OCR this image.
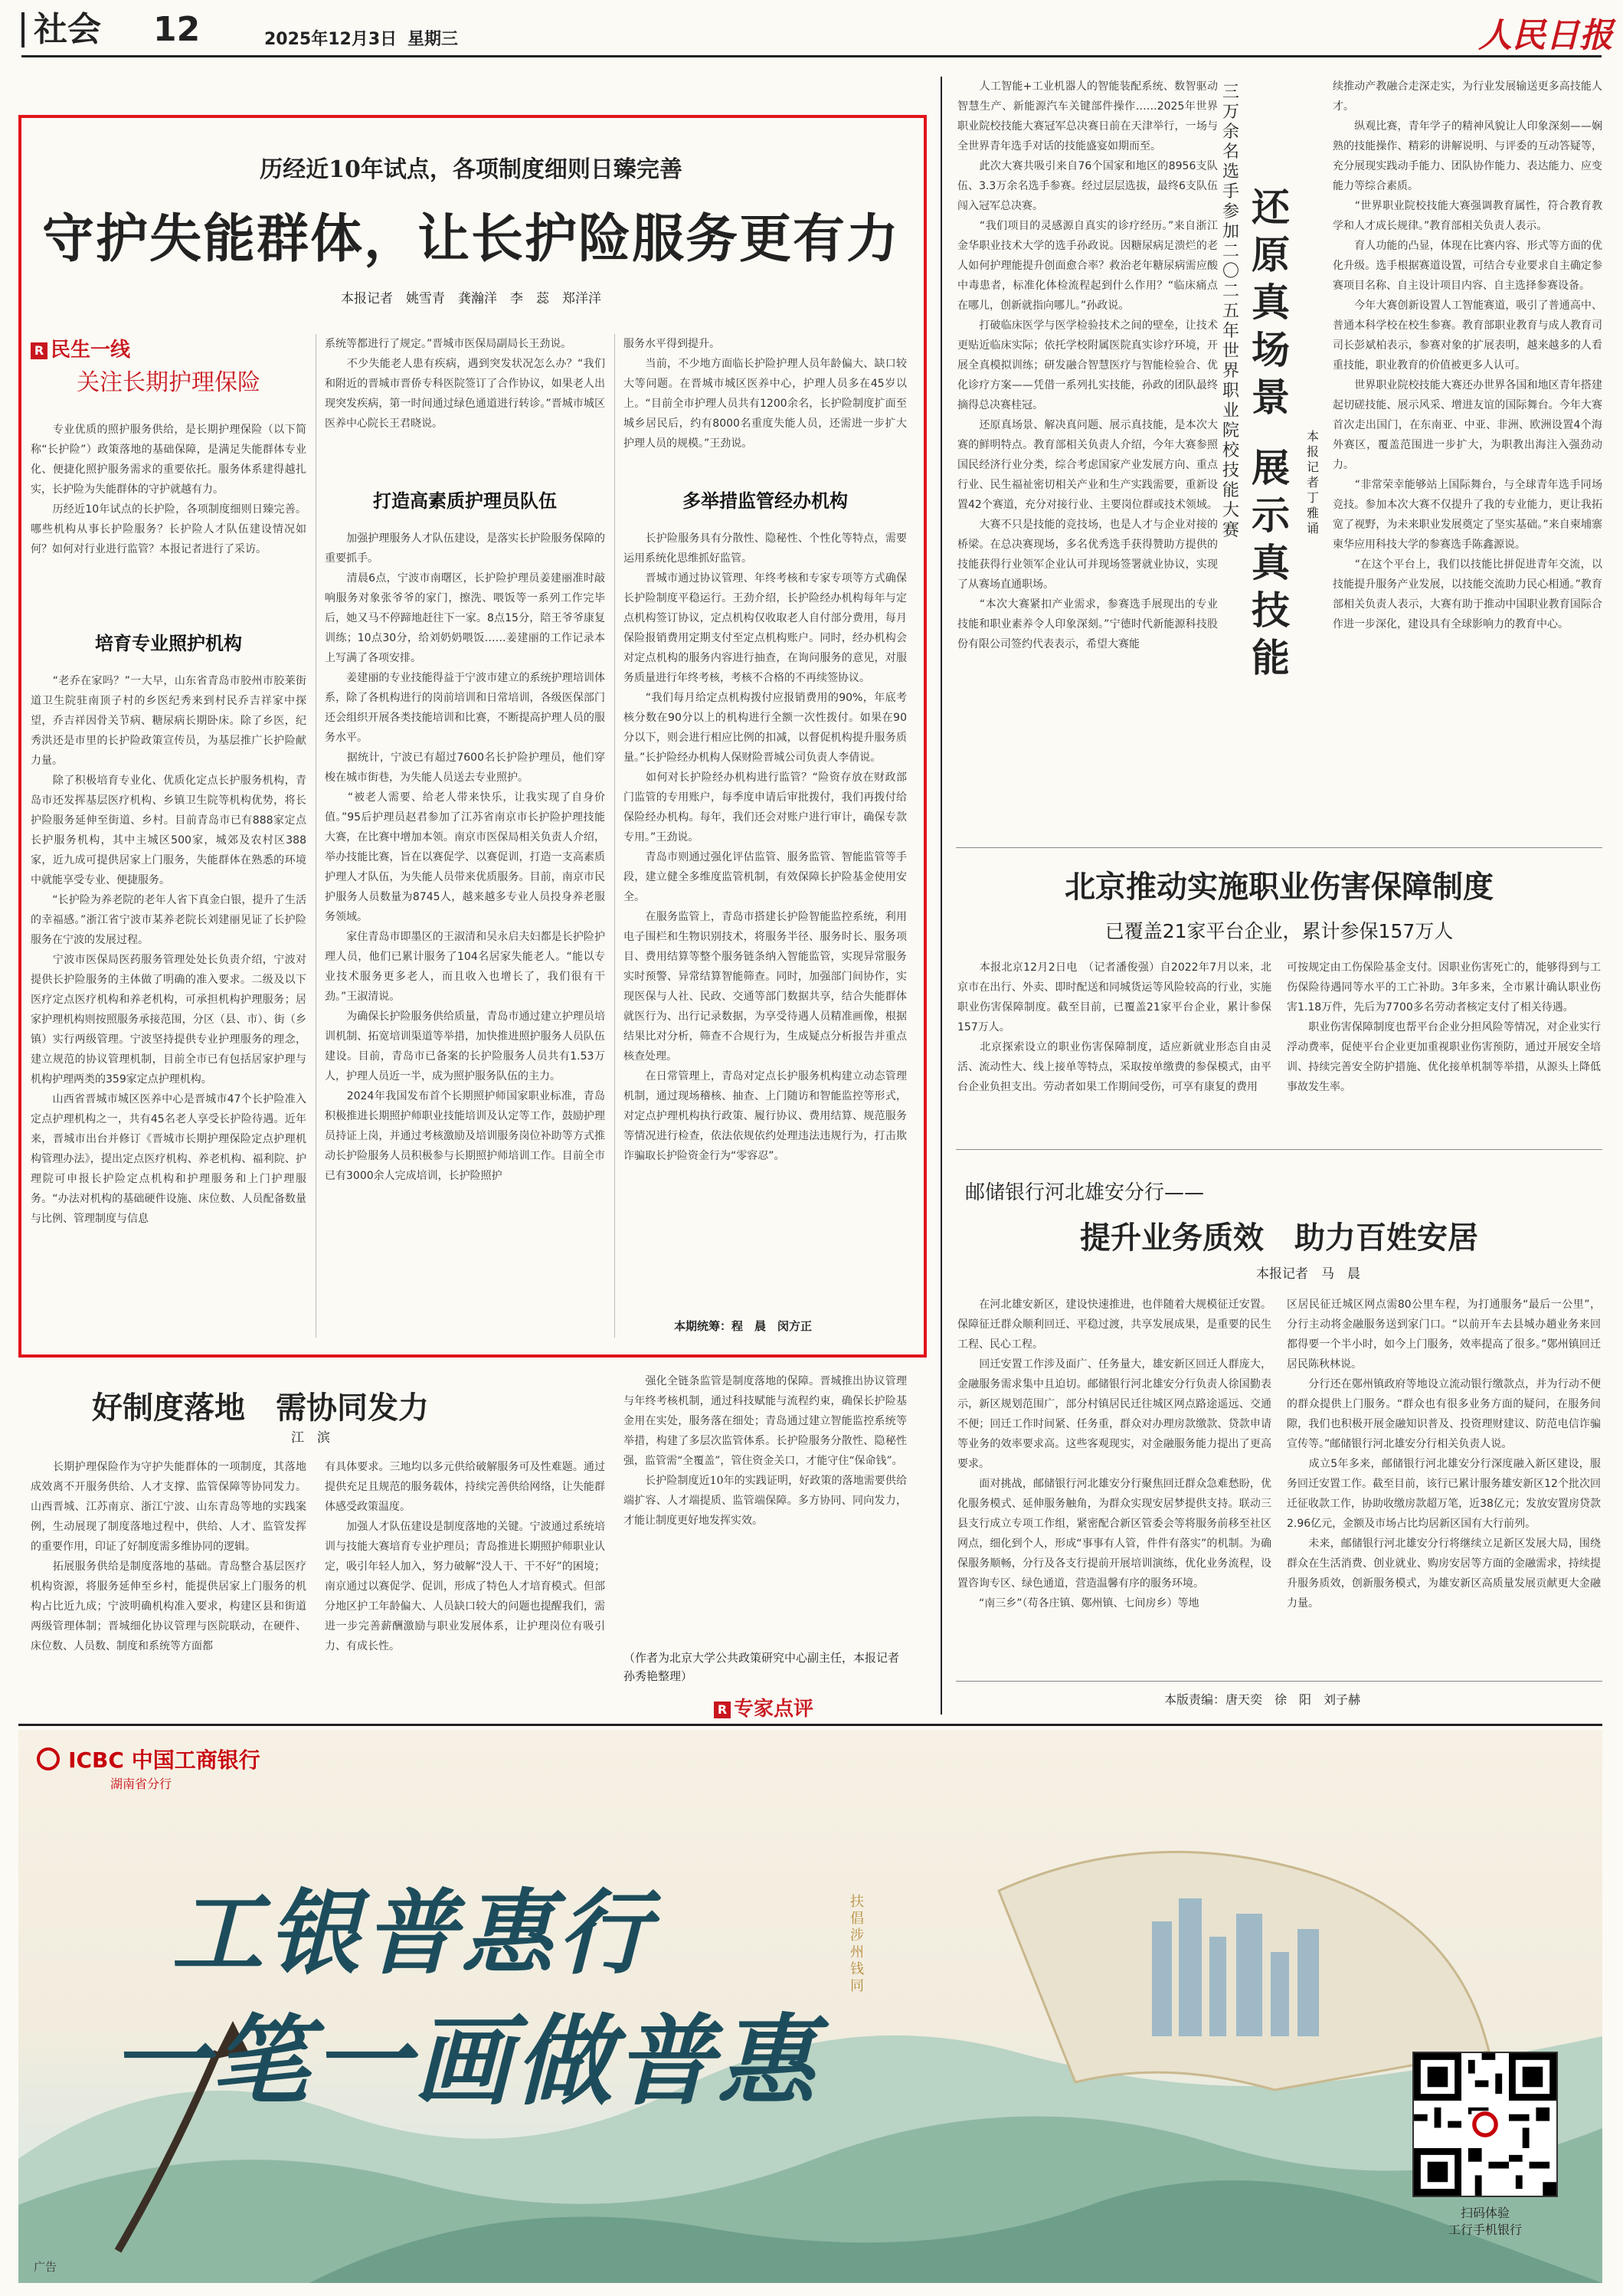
社会 12	2025年12月3日 星期三	人民日报
历经近10年试点，各项制度细则日臻完善
守护失能群体，让长护险服务更有力
本报记者　姚雪青　龚瀚洋　李　蕊　郑洋洋
R 民生一线
关注长期护理保险
　　专业优质的照护服务供给，是长期护理保险（以下简称“长护险”）政策落地的基础保障，是满足失能群体专业化、便捷化照护服务需求的重要依托。服务体系建得越扎实，长护险为失能群体的守护就越有力。
　　历经近10年试点的长护险，各项制度细则日臻完善。哪些机构从事长护险服务？长护险人才队伍建设情况如何？如何对行业进行监管？本报记者进行了采访。
培育专业照护机构
　　“老乔在家吗？”一大早，山东省青岛市胶州市胶莱街道卫生院驻南顶子村的乡医纪秀来到村民乔吉祥家中探望，乔吉祥因骨关节病、糖尿病长期卧床。除了乡医，纪秀洪还是市里的长护险政策宣传员，为基层推广长护险献力量。
　　除了积极培育专业化、优质化定点长护服务机构，青岛市还发挥基层医疗机构、乡镇卫生院等机构优势，将长护险服务延伸至街道、乡村。目前青岛市已有888家定点长护服务机构，其中主城区500家，城郊及农村区388家，近九成可提供居家上门服务，失能群体在熟悉的环境中就能享受专业、便捷服务。
　　“长护险为养老院的老年人省下真金白银，提升了生活的幸福感。”浙江省宁波市某养老院长刘建丽见证了长护险服务在宁波的发展过程。
　　宁波市医保局医药服务管理处处长负责介绍，宁波对提供长护险服务的主体做了明确的准入要求。二级及以下医疗定点医疗机构和养老机构，可承担机构护理服务；居家护理机构则按照服务承接范围，分区（县、市）、街（乡镇）实行两级管理。宁波坚持提供专业护理服务的理念，建立规范的协议管理机制，目前全市已有包括居家护理与机构护理两类的359家定点护理机构。
　　山西省晋城市城区医养中心是晋城市47个长护险准入定点护理机构之一，共有45名老人享受长护险待遇。近年来，晋城市出台并修订《晋城市长期护理保险定点护理机构管理办法》，提出定点医疗机构、养老机构、福利院、护理院可申报长护险定点机构和护理服务和上门护理服务。“办法对机构的基础硬件设施、床位数、人员配备数量与比例、管理制度与信息
系统等都进行了规定。”晋城市医保局副局长王劲说。
　　不少失能老人患有疾病，遇到突发状况怎么办？“我们和附近的晋城市晋侨专科医院签订了合作协议，如果老人出现突发疾病，第一时间通过绿色通道进行转诊。”晋城市城区医养中心院长王君晓说。
打造高素质护理员队伍
　　加强护理服务人才队伍建设，是落实长护险服务保障的重要抓手。
　　清晨6点，宁波市南曙区，长护险护理员姜建丽准时敲响服务对象张爷爷的家门，擦洗、喂饭等一系列工作完毕后，她又马不停蹄地赶往下一家。8点15分，陪王爷爷康复训练；10点30分，给刘奶奶喂饭……姜建丽的工作记录本上写满了各项安排。
　　姜建丽的专业技能得益于宁波市建立的系统护理培训体系，除了各机构进行的岗前培训和日常培训，各级医保部门还会组织开展各类技能培训和比赛，不断提高护理人员的服务水平。
　　据统计，宁波已有超过7600名长护险护理员，他们穿梭在城市街巷，为失能人员送去专业照护。
　　“被老人需要、给老人带来快乐，让我实现了自身价值。”95后护理员赵君参加了江苏省南京市长护险护理技能大赛，在比赛中增加本领。南京市医保局相关负责人介绍，举办技能比赛，旨在以赛促学、以赛促训，打造一支高素质护理人才队伍，为失能人员带来优质服务。目前，南京市民护服务人员数量为8745人，越来越多专业人员投身养老服务领域。
　　家住青岛市即墨区的王淑清和吴永启夫妇都是长护险护理人员，他们已累计服务了104名居家失能老人。“能以专业技术服务更多老人，而且收入也增长了，我们很有干劲。”王淑清说。
　　为确保长护险服务供给质量，青岛市通过建立护理员培训机制、拓宽培训渠道等举措，加快推进照护服务人员队伍建设。目前，青岛市已备案的长护险服务人员共有1.53万人，护理人员近一半，成为照护服务队伍的主力。
　　2024年我国发布首个长期照护师国家职业标准，青岛积极推进长期照护师职业技能培训及认定等工作，鼓励护理员持证上岗，并通过考核激励及培训服务岗位补助等方式推动长护险服务人员积极参与长期照护师培训工作。目前全市已有3000余人完成培训，长护险照护
服务水平得到提升。
　　当前，不少地方面临长护险护理人员年龄偏大、缺口较大等问题。在晋城市城区医养中心，护理人员多在45岁以上。“目前全市护理人员共有1200余名，长护险制度扩面至城乡居民后，约有8000名重度失能人员，还需进一步扩大护理人员的规模。”王劲说。
多举措监管经办机构
　　长护险服务具有分散性、隐秘性、个性化等特点，需要运用系统化思维抓好监管。
　　晋城市通过协议管理、年终考核和专家专项等方式确保长护险制度平稳运行。王劲介绍，长护险经办机构每年与定点机构签订协议，定点机构仅收取老人自付部分费用，每月保险报销费用定期支付至定点机构账户。同时，经办机构会对定点机构的服务内容进行抽查，在询问服务的意见，对服务质量进行年终考核，考核不合格的不再续签协议。
　　“我们每月给定点机构拨付应报销费用的90%，年底考核分数在90分以上的机构进行全额一次性拨付。如果在90分以下，则会进行相应比例的扣减，以督促机构提升服务质量。”长护险经办机构人保财险晋城公司负责人李倩说。
　　如何对长护险经办机构进行监管？“险资存放在财政部门监管的专用账户，每季度申请后审批拨付，我们再拨付给保险经办机构。每年，我们还会对账户进行审计，确保专款专用。”王劲说。
　　青岛市则通过强化评估监管、服务监管、智能监管等手段，建立健全多维度监管机制，有效保障长护险基金使用安全。
　　在服务监管上，青岛市搭建长护险智能监控系统，利用电子围栏和生物识别技术，将服务半径、服务时长、服务项目、费用结算等整个服务链条纳入智能监管，实现异常服务实时预警、异常结算智能筛查。同时，加强部门间协作，实现医保与人社、民政、交通等部门数据共享，结合失能群体就医行为、出行记录数据，为享受待遇人员精准画像，根据结果比对分析，筛查不合规行为，生成疑点分析报告并重点核查处理。
　　在日常管理上，青岛对定点长护服务机构建立动态管理机制，通过现场稽核、抽查、上门随访和智能监控等形式，对定点护理机构执行政策、履行协议、费用结算、规范服务等情况进行检查，依法依规依约处理违法违规行为，打击欺诈骗取长护险资金行为“零容忍”。
本期统筹：程　晨　闵方正
好制度落地　需协同发力
江　滨
　　长期护理保险作为守护失能群体的一项制度，其落地成效离不开服务供给、人才支撑、监管保障等协同发力。山西晋城、江苏南京、浙江宁波、山东青岛等地的实践案例，生动展现了制度落地过程中，供给、人才、监管发挥的重要作用，印证了好制度需多维协同的逻辑。
　　拓展服务供给是制度落地的基础。青岛整合基层医疗机构资源，将服务延伸至乡村，能提供居家上门服务的机构占比近九成；宁波明确机构准入要求，构建区县和街道两级管理体制；晋城细化协议管理与医院联动，在硬件、床位数、人员数、制度和系统等方面都
有具体要求。三地均以多元供给破解服务可及性难题。通过提供充足且规范的服务载体，持续完善供给网络，让失能群体感受政策温度。
　　加强人才队伍建设是制度落地的关键。宁波通过系统培训与技能大赛培育专业护理员；青岛推进长期照护师职业认定，吸引年轻人加入，努力破解“没人干、干不好”的困境；南京通过以赛促学、促训，形成了特色人才培育模式。但部分地区护工年龄偏大、人员缺口较大的问题也提醒我们，需进一步完善薪酬激励与职业发展体系，让护理岗位有吸引力、有成长性。
　　强化全链条监管是制度落地的保障。晋城推出协议管理与年终考核机制，通过科技赋能与流程约束，确保长护险基金用在实处，服务落在细处；青岛通过建立智能监控系统等举措，构建了多层次监管体系。长护险服务分散性、隐秘性强，监管需“全覆盖”，管住资金关口，才能守住“保命钱”。
　　长护险制度近10年的实践证明，好政策的落地需要供给端扩容、人才端提质、监管端保障。多方协同、同向发力，才能让制度更好地发挥实效。
（作者为北京大学公共政策研究中心副主任，本报记者孙秀艳整理）
R 专家点评
　　人工智能+工业机器人的智能装配系统、数智驱动智慧生产、新能源汽车关键部件操作……2025年世界职业院校技能大赛冠军总决赛日前在天津举行，一场与全世界青年选手对话的技能盛宴如期而至。
　　此次大赛共吸引来自76个国家和地区的8956支队伍、3.3万余名选手参赛。经过层层选拔，最终6支队伍闯入冠军总决赛。
　　“我们项目的灵感源自真实的诊疗经历。”来自浙江金华职业技术大学的选手孙政说。因糖尿病足溃烂的老人如何护理能提升创面愈合率？救治老年糖尿病需应酸中毒患者，标准化体检流程起到什么作用？“临床痛点在哪儿，创新就指向哪儿。”孙政说。
　　打破临床医学与医学检验技术之间的壁垒，让技术更贴近临床实际；依托学校附属医院真实诊疗环境，开展全真模拟训练；研发融合智慧医疗与智能检验合、优化诊疗方案——凭借一系列扎实技能，孙政的团队最终摘得总决赛桂冠。
　　还原真场景、解决真问题、展示真技能，是本次大赛的鲜明特点。教育部相关负责人介绍，今年大赛参照国民经济行业分类，综合考虑国家产业发展方向、重点行业、民生福祉密切相关产业和生产实践需要，重新设置42个赛道，充分对接行业、主要岗位群或技术领域。
　　大赛不只是技能的竞技场，也是人才与企业对接的桥梁。在总决赛现场，多名优秀选手获得赞助方提供的技能获得行业领军企业认可并现场签署就业协议，实现了从赛场直通职场。
　　“本次大赛紧扣产业需求，参赛选手展现出的专业技能和职业素养令人印象深刻。”宁德时代新能源科技股份有限公司签约代表表示，希望大赛能
三万余名选手参加二〇二五年世界职业院校技能大赛
还原真场景
展示真技能
本报记者　丁雅诵
续推动产教融合走深走实，为行业发展输送更多高技能人才。
　　纵观比赛，青年学子的精神风貌让人印象深刻——娴熟的技能操作、精彩的讲解说明、与评委的互动答疑等，充分展现实践动手能力、团队协作能力、表达能力、应变能力等综合素质。
　　“世界职业院校技能大赛强调教育属性，符合教育教学和人才成长规律。”教育部相关负责人表示。
　　育人功能的凸显，体现在比赛内容、形式等方面的优化升级。选手根据赛道设置，可结合专业要求自主确定参赛项目名称、自主设计项目内容、自主选择参赛设备。
　　今年大赛创新设置人工智能赛道，吸引了普通高中、普通本科学校在校生参赛。教育部职业教育与成人教育司司长彭斌柏表示，参赛对象的扩展表明，越来越多的人看重技能，职业教育的价值被更多人认可。
　　世界职业院校技能大赛还办世界各国和地区青年搭建起切磋技能、展示风采、增进友谊的国际舞台。今年大赛首次走出国门，在东南亚、中亚、非洲、欧洲设置4个海外赛区，覆盖范围进一步扩大，为职教出海注入强劲动力。
　　“非常荣幸能够站上国际舞台，与全球青年选手同场竞技。参加本次大赛不仅提升了我的专业能力，更让我拓宽了视野，为未来职业发展奠定了坚实基础。”来自柬埔寨柬华应用科技大学的参赛选手陈鑫源说。
　　“在这个平台上，我们以技能比拼促进青年交流，以技能提升服务产业发展，以技能交流助力民心相通。”教育部相关负责人表示，大赛有助于推动中国职业教育国际合作进一步深化，建设具有全球影响力的教育中心。
北京推动实施职业伤害保障制度
已覆盖21家平台企业，累计参保157万人
　　本报北京12月2日电　（记者潘俊强）自2022年7月以来，北京市在出行、外卖、即时配送和同城货运等风险较高的行业，实施职业伤害保障制度。截至目前，已覆盖21家平台企业，累计参保157万人。
　　北京探索设立的职业伤害保障制度，适应新就业形态自由灵活、流动性大、线上接单等特点，采取按单缴费的参保模式，由平台企业负担支出。劳动者如果工作期间受伤，可享有康复的费用
可按规定由工伤保险基金支付。因职业伤害死亡的，能够得到与工伤保险待遇同等水平的工亡补助。3年多来，全市累计确认职业伤害1.18万件，先后为7700多名劳动者核定支付了相关待遇。
　　职业伤害保障制度也帮平台企业分担风险等情况，对企业实行浮动费率，促使平台企业更加重视职业伤害预防，通过开展安全培训、持续完善安全防护措施、优化接单机制等举措，从源头上降低事故发生率。
邮储银行河北雄安分行——
提升业务质效　助力百姓安居
本报记者　马　晨
　　在河北雄安新区，建设快速推进，也伴随着大规模征迁安置。保障征迁群众顺利回迁、平稳过渡，共享发展成果，是重要的民生工程、民心工程。
　　回迁安置工作涉及面广、任务量大，雄安新区回迁人群庞大，金融服务需求集中且迫切。邮储银行河北雄安分行负责人徐国勤表示，新区规划范围广，部分村镇居民迁往城区网点路途遥远、交通不便；回迁工作时间紧、任务重，群众对办理房款缴款、贷款申请等业务的效率要求高。这些客观现实，对金融服务能力提出了更高要求。
　　面对挑战，邮储银行河北雄安分行聚焦回迁群众急难愁盼，优化服务模式、延伸服务触角，为群众实现安居梦提供支持。联动三县支行成立专项工作组，紧密配合新区管委会等将服务前移至社区网点，细化到个人，形成“事事有人管，件件有落实”的机制。为确保服务顺畅，分行及各支行提前开展培训演练，优化业务流程，设置咨询专区、绿色通道，营造温馨有序的服务环境。
　　“南三乡”（苟各庄镇、鄚州镇、七间房乡）等地
区居民征迁城区网点需80公里车程，为打通服务“最后一公里”，分行主动将金融服务送到家门口。“以前开车去县城办趟业务来回都得要一个半小时，如今上门服务，效率提高了很多。”鄚州镇回迁居民陈秋林说。
　　分行还在鄚州镇政府等地设立流动银行缴款点，并为行动不便的群众提供上门服务。“群众也有很多业务方面的疑问，在服务间隙，我们也积极开展金融知识普及、投资理财建议、防范电信诈骗宣传等。”邮储银行河北雄安分行相关负责人说。
　　成立5年多来，邮储银行河北雄安分行深度融入新区建设，服务回迁安置工作。截至目前，该行已累计服务雄安新区12个批次回迁征收款工作，协助收缴房款超万笔，近38亿元；发放安置房贷款2.96亿元，金额及市场占比均居新区国有大行前列。
　　未来，邮储银行河北雄安分行将继续立足新区发展大局，围绕群众在生活消费、创业就业、购房安居等方面的金融需求，持续提升服务质效，创新服务模式，为雄安新区高质量发展贡献更大金融力量。
本版责编：唐天奕　徐　阳　刘子赫
ICBC 中国工商银行
湖南省分行
工银普惠行
一笔一画做普惠
扶倡 涉州 钱同
扫码体验
工行手机银行
广告
